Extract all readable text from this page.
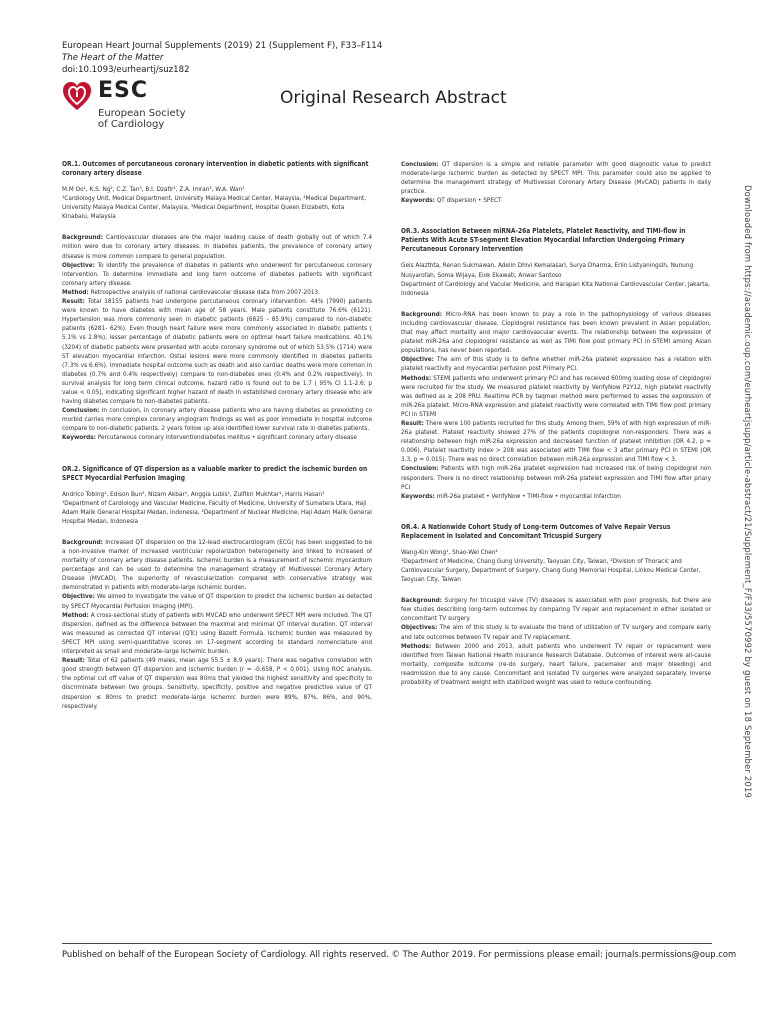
European Heart Journal Supplements (2019) 21 (Supplement F), F33–F114
The Heart of the Matter
doi:10.1093/eurheartj/suz182
ESC
European Society
of Cardiology
Original Research Abstract

OR.1. Outcomes of percutaneous coronary intervention in diabetic patients with significant coronary artery disease

M.M Oo¹, K.S. Ng², C.Z. Tan³, B.I. Dzafir¹, Z.A. Imran¹, W.A. Wan¹

¹Cardiology Unit, Medical Department, University Malaya Medical Center, Malaysia, ²Medical Department, University Malaya Medical Center, Malaysia, ³Medical Department, Hospital Queen Elizabeth, Kota Kinabalu, Malaysia

Background: Cardiovascular diseases are the major leading cause of death globally out of which 7.4 million were due to coronary artery diseases. In diabetes patients, the prevalence of coronary artery disease is more common compare to general population.

Objective: To identify the prevalence of diabetes in patients who underwent for percutaneous coronary intervention. To determine immediate and long term outcome of diabetes patients with significant coronary artery disease.

Method: Retrospective analysis of national cardiovascular disease data from 2007-2013.

Result: Total 18155 patients had undergone percutaneous coronary intervention. 44% (7990) patients were known to have diabetes with mean age of 58 years. Male patients constitute 76.6% (6121). Hypertension was more commonly seen in diabetic patients (6825 - 85.9%) compared to non-diabetic patients (6281- 62%). Even though heart failure were more commonly associated in diabetic patients ( 5.1% vs 2.8%), lesser percentage of diabetic patients were on optimal heart failure medications. 40.1% (3204) of diabetic patients were presented with acute coronary syndrome out of which 53.5% (1714) were ST elevation myocardial infarction. Ostial lesions were more commonly identified in diabetes patients (7.3% vs 6.6%). Immediate hospital outcome such as death and also cardiac deaths were more common in diabetes (0.7% and 0.4% respectively) compare to non-diabetes ones (0.4% and 0.2% respectively). In survival analysis for long term clinical outcome, hazard ratio is found out to be 1.7 ( 95% CI 1.1-2.6; p value < 0.05), indicating significant higher hazard of death in established coronary artery disease who are having diabetes compare to non-diabetes patients.

Conclusion: In conclusion, in coronary artery disease patients who are having diabetes as preexisting co morbid carries more complex coronary angiogram findings as well as poor immediate in hospital outcome compare to non-diabetic patients. 2 years follow up also identified lower survival rate in diabetes patients.

Keywords: Percutaneous coronary interventiondiabetes mellitus • significant coronary artery disease

OR.2. Significance of QT dispersion as a valuable marker to predict the ischemic burden on SPECT Myocardial Perfusion Imaging

Andrico Tobing¹, Edison Bun², Nizam Akbar¹, Anggia Lubis¹, Zulfikri Mukhtar¹, Harris Hasan¹

¹Department of Cardiology and Vascular Medicine, Faculty of Medicine, University of Sumatera Utara, Haji Adam Malik General Hospital Medan, Indonesia, ²Department of Nuclear Medicine, Haji Adam Malik General Hospital Medan, Indonesia

Background: Increased QT dispersion on the 12-lead electrocardiogram (ECG) has been suggested to be a non-invasive marker of increased ventricular repolarization heterogeneity and linked to increased of mortality of coronary artery disease patients. Ischemic burden is a measurement of ischemic myocardium percentage and can be used to determine the management strategy of Multivessel Coronary Artery Disease (MVCAD). The superiority of revascularization compared with conservative strategy was demonstrated in patients with moderate-large ischemic burden.

Objective: We aimed to investigate the value of QT dispersion to predict the ischemic burden as detected by SPECT Myocardial Perfusion Imaging (MPI).

Method: A cross-sectional study of patients with MVCAD who underwent SPECT MPI were included. The QT dispersion, defined as the difference between the maximal and minimal QT interval duration. QT interval was measured as corrected QT interval (QTc) using Bazett Formula. Ischemic burden was measured by SPECT MPI using semi-quantitative scores on 17-segment according to standard nomenclature and interpreted as small and moderate-large ischemic burden.

Result: Total of 62 patients (49 males, mean age 55.5 ± 8.9 years). There was negative correlation with good strength between QT dispersion and ischemic burden (r = -0.658, P < 0.001). Using ROC analysis, the optimal cut off value of QT dispersion was 80ms that yielded the highest sensitivity and specificity to discriminate between two groups. Sensitivity, specificity, positive and negative predictive value of QT dispersion ≤ 80ms to predict moderate-large ischemic burden were 89%, 87%, 86%, and 90%, respectively.

Conclusion: QT dispersion is a simple and reliable parameter with good diagnostic value to predict moderate-large ischemic burden as detected by SPECT MPI. This parameter could also be applied to determine the management strategy of Multivessel Coronary Artery Disease (MvCAD) patients in daily practice.

Keywords: QT dispersion • SPECT

OR.3. Association Between miRNA-26a Platelets, Platelet Reactivity, and TIMI-flow in Patients With Acute ST-segment Elevation Myocardial Infarction Undergoing Primary Percutaneous Coronary Intervention

Geis Alazthta, Renan Sukmawan, Adelin Dhivi Kemalasari, Surya Dharma, Erlin Listyaningsih, Nunung Nusyarofah, Soma Wijaya, Eiok Ekawati, Anwar Santoso

Department of Cardiology and Vacular Medicine, and Harapan Kita National Cardiovascular Center, Jakarta, Indonesia

Background: Micro-RNA has been known to play a role in the pathophysiology of various diseases including cardiovascular disease. Clopidogrel resistance has been known prevalent in Asian population, that may affect mortality and major cardiovascular events. The relationship between the expression of platelet miR-26a and clopidogrel resistance as well as TIMI flow post primary PCI in STEMI among Asian populations, has never been reported.

Objective: The aim of this study is to define whether miR-26a platelet expression has a relation with platelet reactivity and myocardial perfusion post Primary PCI.

Methods: STEMI patients who underwent primary PCI and has received 600mg loading dose of clopidogrel were recruited for the study. We measured platelet reactivity by VerifyNow P2Y12, high platelet reactivity was defined as ≥ 208 PRU. Realtime PCR by taqman method were performed to asses the expression of miR-26a platelet. Micro-RNA expression and platelet reactivity were correlated with TIMI flow post primary PCI in STEMI

Result: There were 100 patients recruited for this study. Among them, 59% of with high expression of miR-26a platelet. Platelet reactivity showed 27% of the patients clopidogrel non-responders. There was a relationship between high miR-26a expression and decreased function of platelet inhibition (OR 4.2, p = 0.006). Platelet reactivity index > 208 was associated with TIMI flow < 3 after primary PCI in STEMI (OR 3.3, p = 0.015). There was no direct correlation between miR-26a expression and TIMI flow < 3.

Conclusion: Patients with high miR-26a platelet expression had increased risk of being clopidogrel non responders. There is no direct relationship between miR-26a platelet expression and TIMI flow after priary PCI

Keywords: miR-26a platelet • VerifyNow • TIMI-flow • myocardial infarction

OR.4. A Nationwide Cohort Study of Long-term Outcomes of Valve Repair Versus Replacement in Isolated and Concomitant Tricuspid Surgery

Wang-Kin Wong¹, Shao-Wei Chen²

¹Department of Medicine, Chang Gung University, Taoyuan City, Taiwan, ²Division of Thoracic and Cardiovascular Surgery, Department of Surgery, Chang Gung Memorial Hospital, Linkou Medical Center, Taoyuan City, Taiwan

Background: Surgery for tricuspid valve (TV) diseases is associated with poor prognosis, but there are few studies describing long-term outcomes by comparing TV repair and replacement in either isolated or concomitant TV surgery.

Objectives: The aim of this study is to evaluate the trend of utilization of TV surgery and compare early and late outcomes between TV repair and TV replacement.

Methods: Between 2000 and 2013, adult patients who underwent TV repair or replacement were identified from Taiwan National Health Insurance Research Database. Outcomes of interest were all-cause mortality, composite outcome (re-do surgery, heart failure, pacemaker and major bleeding) and readmission due to any cause. Concomitant and isolated TV surgeries were analyzed separately. Inverse probability of treatment weight with stabilized weight was used to reduce confounding.	Downloaded from https://academic.oup.com/eurheartjsupp/article-abstract/21/Supplement_F/F33/5570992 by guest on 18 September 2019
Published on behalf of the European Society of Cardiology. All rights reserved. © The Author 2019. For permissions please email: journals.permissions@oup.com
